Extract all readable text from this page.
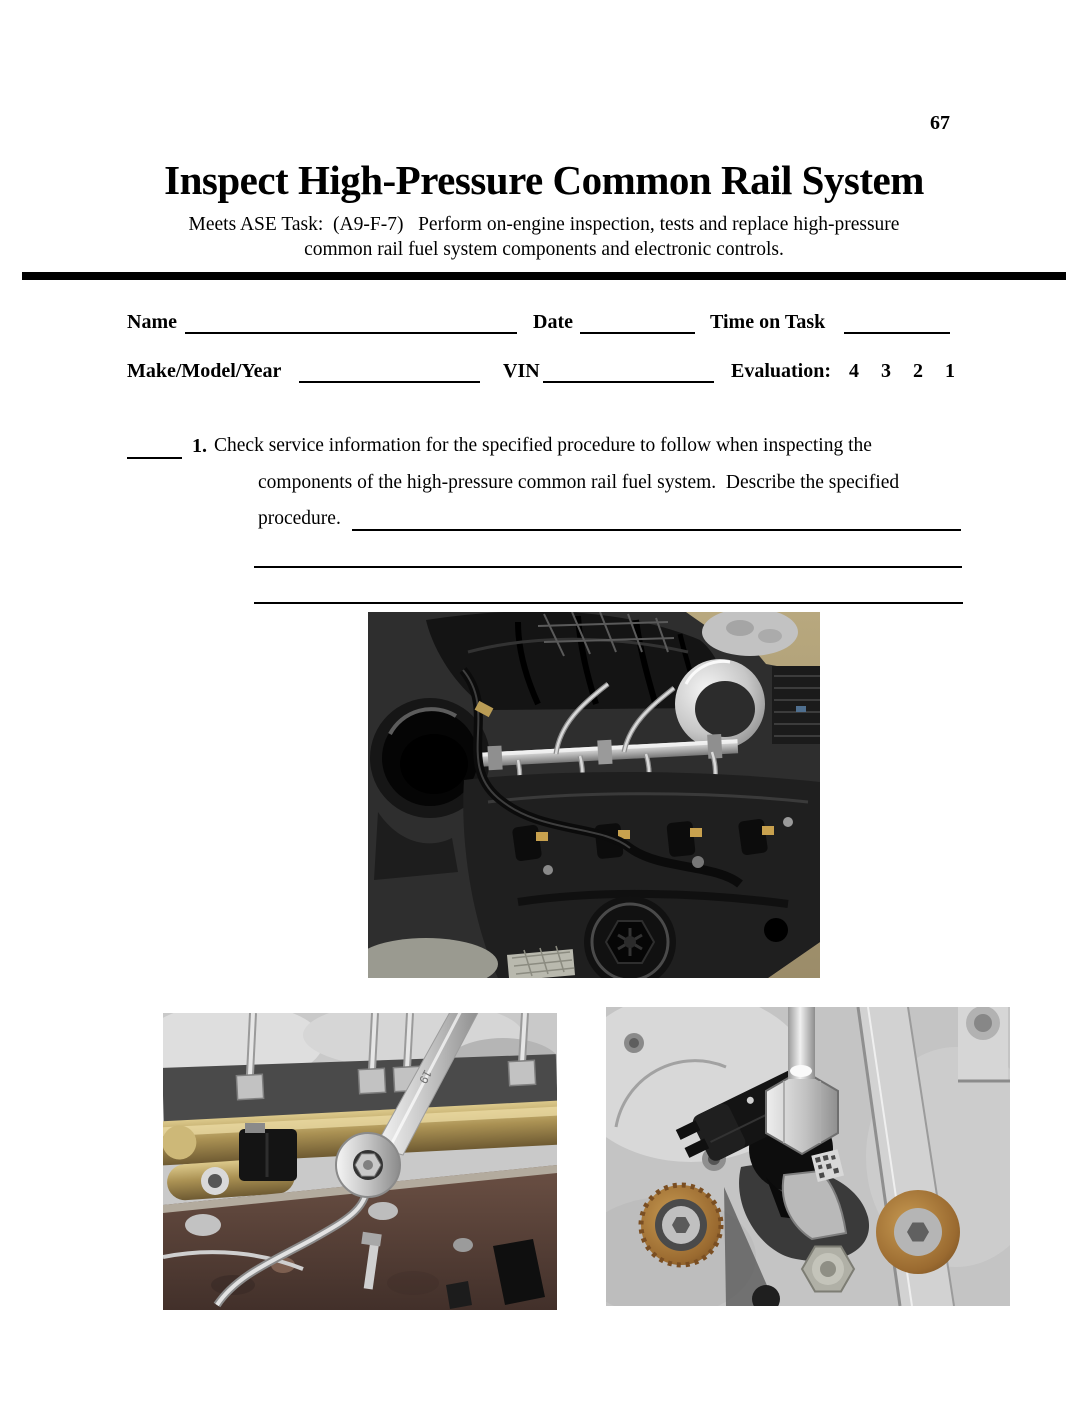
67
Inspect High-Pressure Common Rail System
Meets ASE Task:  (A9-F-7)   Perform on-engine inspection, tests and replace high-pressure
common rail fuel system components and electronic controls.
Name	Date	Time on Task
Make/Model/Year	VIN	Evaluation: 4 3 2 1
1. Check service information for the specified procedure to follow when inspecting the
components of the high-pressure common rail fuel system.  Describe the specified
procedure.
19
